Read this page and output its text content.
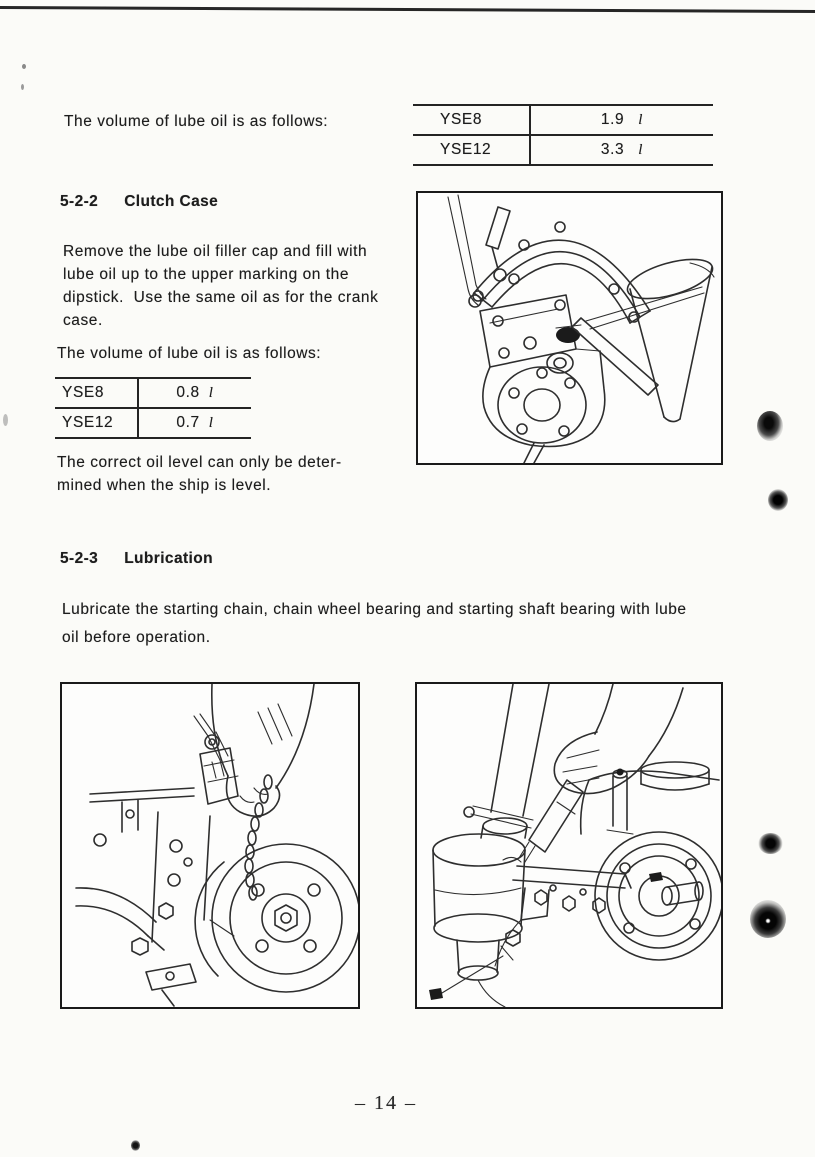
The volume of lube oil is as follows:	YSE8	1.9 l
YSE12	3.3 l
5-2-2 Clutch Case
Remove the lube oil filler cap and fill with
lube oil up to the upper marking on the
dipstick.  Use the same oil as for the crank
case.
The volume of lube oil is as follows:
YSE8	0.8 l
YSE12	0.7 l
The correct oil level can only be deter-
mined when the ship is level.
5-2-3 Lubrication
Lubricate the starting chain, chain wheel bearing and starting shaft bearing with lube
oil before operation.
– 14 –
